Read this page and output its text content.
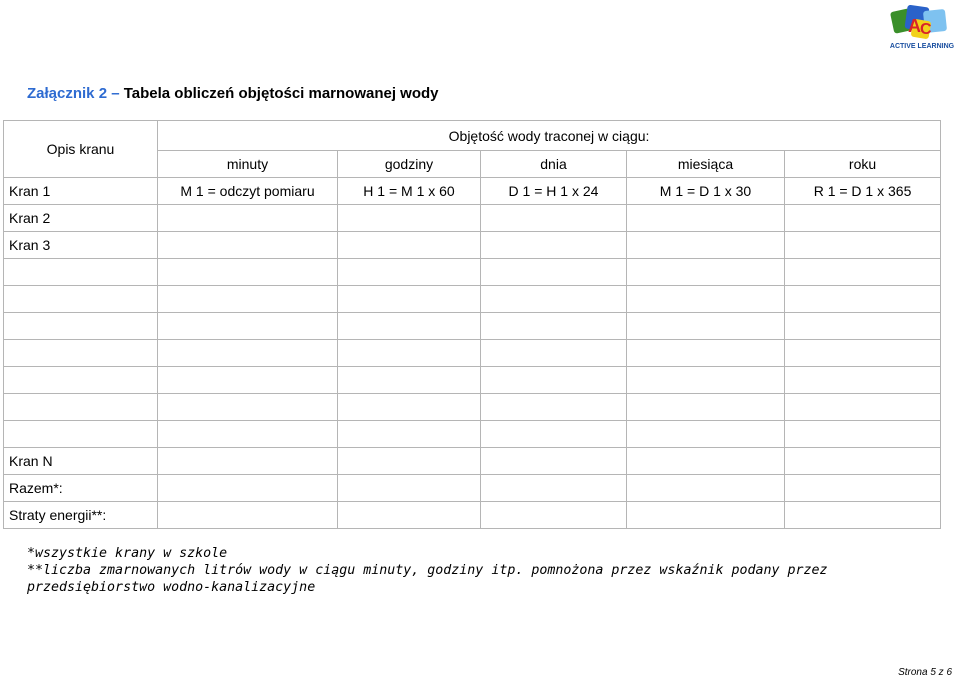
A C
ACTIVE LEARNING
Załącznik 2 – Tabela obliczeń objętości marnowanej wody
Opis kranu	Objętość wody traconej w ciągu:				
	minuty	godziny	dnia	miesiąca	roku
Kran 1	M 1 = odczyt pomiaru	H 1 = M 1 x 60	D 1 = H 1 x 24	M 1 = D 1 x 30	R 1 = D 1 x 365
Kran 2					
Kran 3					

Kran N					
Razem*:					
Straty energii**:					
*wszystkie krany w szkole
**liczba zmarnowanych litrów wody w ciągu minuty, godziny itp. pomnożona przez wskaźnik podany przez przedsiębiorstwo wodno-kanalizacyjne
Strona 5 z 6
